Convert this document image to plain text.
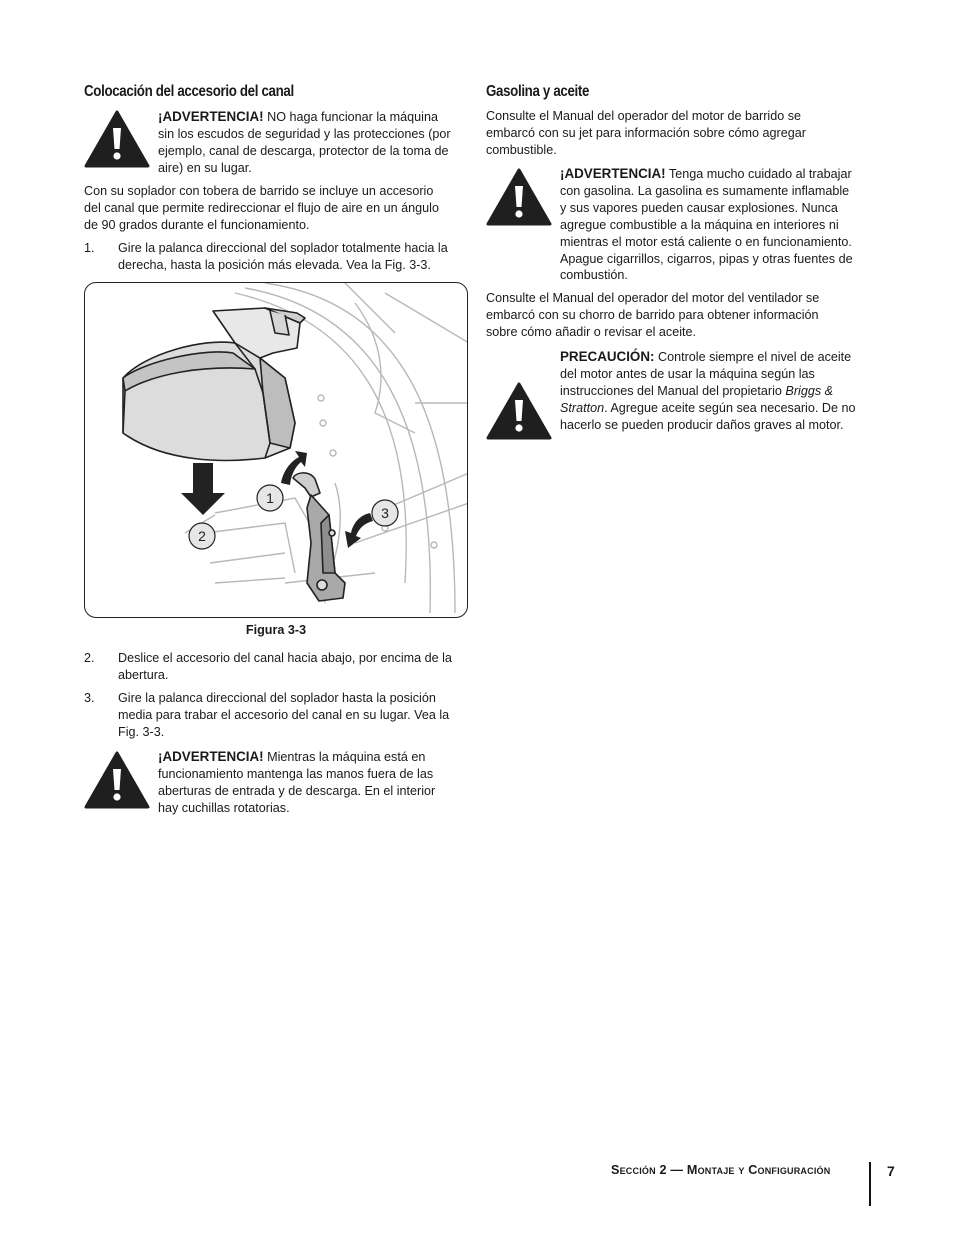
Colocación del accesorio del canal
¡ADVERTENCIA! NO haga funcionar la máquina
sin los escudos de seguridad y las protecciones (por
ejemplo, canal de descarga, protector de la toma de
aire) en su lugar.
Con su soplador con tobera de barrido se incluye un accesorio
del canal que permite redireccionar el flujo de aire en un ángulo
de 90 grados durante el funcionamiento.
1. Gire la palanca direccional del soplador totalmente hacia la
derecha, hasta la posición más elevada. Vea la Fig. 3-3.
1
2
3
Figura 3-3
2. Deslice el accesorio del canal hacia abajo, por encima de la
abertura.
3. Gire la palanca direccional del soplador hasta la posición
media para trabar el accesorio del canal en su lugar. Vea la
Fig. 3-3.
¡ADVERTENCIA! Mientras la máquina está en
funcionamiento mantenga las manos fuera de las
aberturas de entrada y de descarga. En el interior
hay cuchillas rotatorias.
Gasolina y aceite
Consulte el Manual del operador del motor de barrido se
embarcó con su jet para información sobre cómo agregar
combustible.
¡ADVERTENCIA! Tenga mucho cuidado al trabajar
con gasolina. La gasolina es sumamente inflamable
y sus vapores pueden causar explosiones. Nunca
agregue combustible a la máquina en interiores ni
mientras el motor está caliente o en funcionamiento.
Apague cigarrillos, cigarros, pipas y otras fuentes de
combustión.
Consulte el Manual del operador del motor del ventilador se
embarcó con su chorro de barrido para obtener información
sobre cómo añadir o revisar el aceite.
PRECAUCIÓN: Controle siempre el nivel de aceite
del motor antes de usar la máquina según las
instrucciones del Manual del propietario Briggs &
Stratton. Agregue aceite según sea necesario. De no
hacerlo se pueden producir daños graves al motor.
Sección 2 — Montaje y Configuración	7
